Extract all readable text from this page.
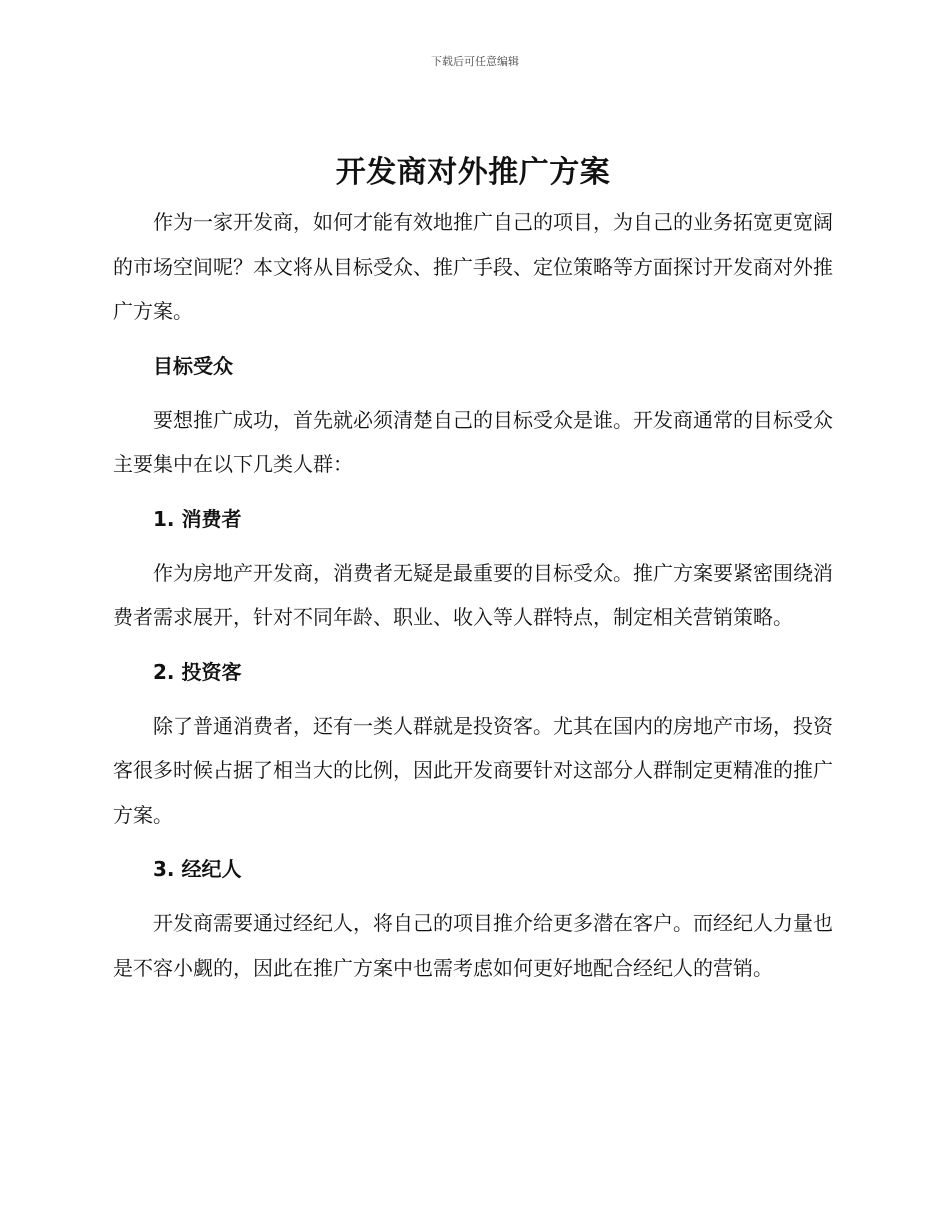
下载后可任意编辑
开发商对外推广方案

作为一家开发商，如何才能有效地推广自己的项目，为自己的业务拓宽更宽阔的市场空间呢？本文将从目标受众、推广手段、定位策略等方面探讨开发商对外推广方案。

目标受众

要想推广成功，首先就必须清楚自己的目标受众是谁。开发商通常的目标受众主要集中在以下几类人群：

1. 消费者

作为房地产开发商，消费者无疑是最重要的目标受众。推广方案要紧密围绕消费者需求展开，针对不同年龄、职业、收入等人群特点，制定相关营销策略。

2. 投资客

除了普通消费者，还有一类人群就是投资客。尤其在国内的房地产市场，投资客很多时候占据了相当大的比例，因此开发商要针对这部分人群制定更精准的推广方案。

3. 经纪人

开发商需要通过经纪人，将自己的项目推介给更多潜在客户。而经纪人力量也是不容小觑的，因此在推广方案中也需考虑如何更好地配合经纪人的营销。
